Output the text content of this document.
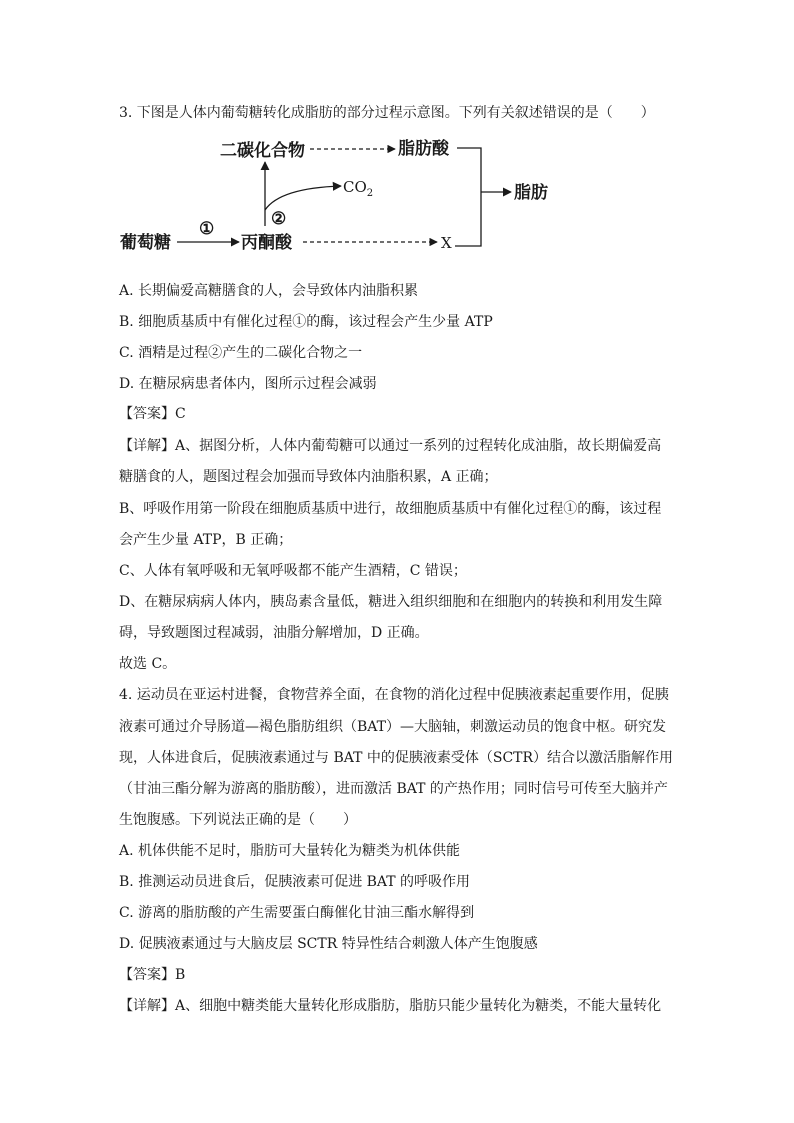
3. 下图是人体内葡萄糖转化成脂肪的部分过程示意图。下列有关叙述错误的是（　　）
二碳化合物	脂肪酸
脂肪
葡萄糖	丙酮酸	X
①	②
$CO_2$
A. 长期偏爱高糖膳食的人，会导致体内油脂积累
B. 细胞质基质中有催化过程①的酶，该过程会产生少量 ATP
C. 酒精是过程②产生的二碳化合物之一
D. 在糖尿病患者体内，图所示过程会减弱
【答案】C
【详解】A、据图分析，人体内葡萄糖可以通过一系列的过程转化成油脂，故长期偏爱高
糖膳食的人，题图过程会加强而导致体内油脂积累，A 正确；
B、呼吸作用第一阶段在细胞质基质中进行，故细胞质基质中有催化过程①的酶，该过程
会产生少量 ATP，B 正确；
C、人体有氧呼吸和无氧呼吸都不能产生酒精，C 错误；
D、在糖尿病病人体内，胰岛素含量低，糖进入组织细胞和在细胞内的转换和利用发生障
碍，导致题图过程减弱，油脂分解增加，D 正确。
故选 C。
4. 运动员在亚运村进餐，食物营养全面，在食物的消化过程中促胰液素起重要作用，促胰
液素可通过介导肠道—褐色脂肪组织（BAT）—大脑轴，刺激运动员的饱食中枢。研究发
现，人体进食后，促胰液素通过与 BAT 中的促胰液素受体（SCTR）结合以激活脂解作用
（甘油三酯分解为游离的脂肪酸），进而激活 BAT 的产热作用；同时信号可传至大脑并产
生饱腹感。下列说法正确的是（　　）
A. 机体供能不足时，脂肪可大量转化为糖类为机体供能
B. 推测运动员进食后，促胰液素可促进 BAT 的呼吸作用
C. 游离的脂肪酸的产生需要蛋白酶催化甘油三酯水解得到
D. 促胰液素通过与大脑皮层 SCTR 特异性结合刺激人体产生饱腹感
【答案】B
【详解】A、细胞中糖类能大量转化形成脂肪，脂肪只能少量转化为糖类，不能大量转化
